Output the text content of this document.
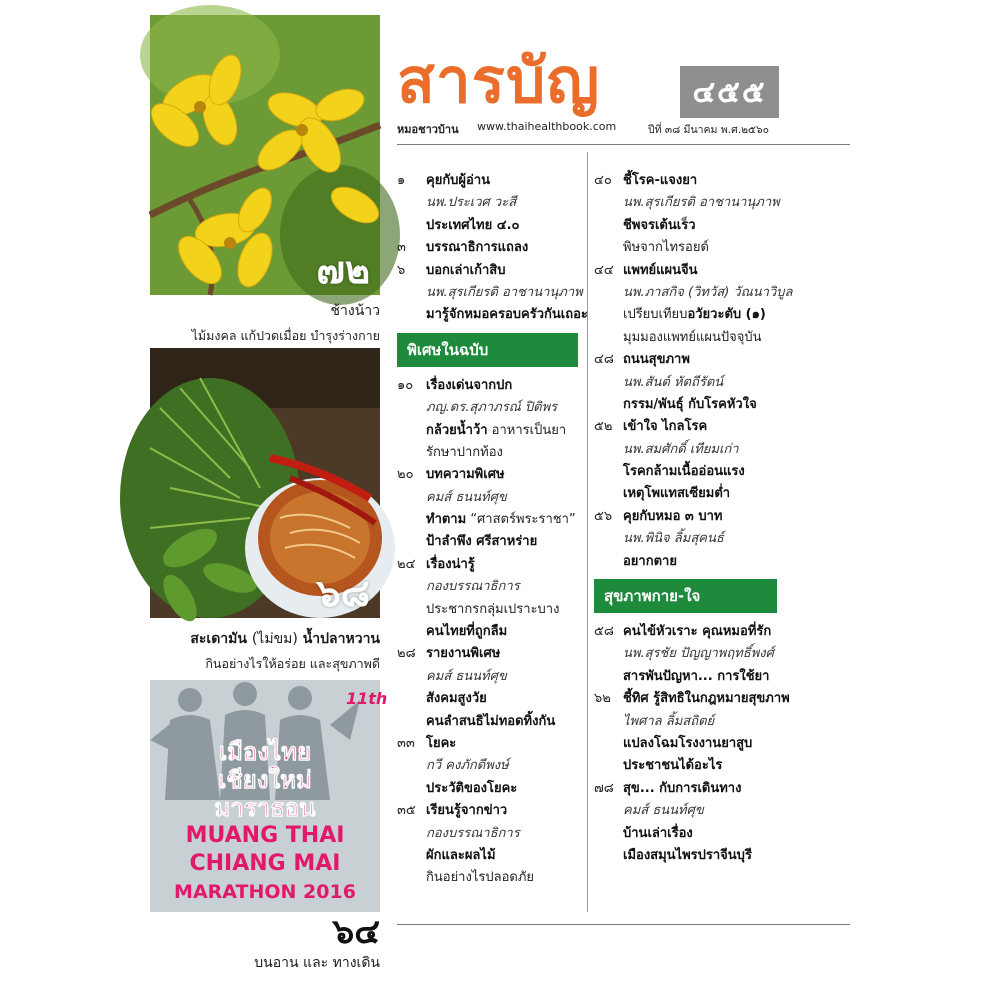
๗๒
ช้างน้าว
ไม้มงคล แก้ปวดเมื่อย บำรุงร่างกาย
๖๘
สะเดามัน (ไม่ขม) น้ำปลาหวาน
กินอย่างไรให้อร่อย และสุขภาพดี
11th
เมืองไทย
เชียงใหม่
มาราธอน
MUANG THAI
CHIANG MAI
MARATHON 2016
๖๔
บนอาน และ ทางเดิน
สารบัญ
หมอชาวบ้าน www.thaihealthbook.com
๔๕๕
ปีที่ ๓๘ มีนาคม พ.ศ.๒๕๖๐
๑	คุยกับผู้อ่าน
นพ.ประเวศ วะสี
ประเทศไทย ๔.๐
๓	บรรณาธิการแถลง
๖	บอกเล่าเก้าสิบ
นพ.สุรเกียรติ อาชานานุภาพ
มารู้จักหมอครอบครัวกันเถอะ
พิเศษในฉบับ
๑๐ เรื่องเด่นจากปก
ภญ.ดร.สุภาภรณ์ ปิติพร
กล้วยน้ำว้า อาหารเป็นยา
รักษาปากท้อง
๒๐ บทความพิเศษ
คมส์ ธนนท์ศุข
ทำตาม “ศาสตร์พระราชา”
ป้าลำพึง ศรีสาหร่าย
๒๔ เรื่องน่ารู้
กองบรรณาธิการ
ประชากรกลุ่มเปราะบาง
คนไทยที่ถูกลืม
๒๘ รายงานพิเศษ
คมส์ ธนนท์ศุข
สังคมสูงวัย
คนลำสนธิไม่ทอดทิ้งกัน
๓๓ โยคะ
กวี คงภักดีพงษ์
ประวัติของโยคะ
๓๕ เรียนรู้จากข่าว
กองบรรณาธิการ
ผักและผลไม้
กินอย่างไรปลอดภัย
๔๐ ชี้โรค-แจงยา
นพ.สุรเกียรติ อาชานานุภาพ
ชีพจรเต้นเร็ว
พิษจากไทรอยด์
๔๔ แพทย์แผนจีน
นพ.ภาสกิจ (วิทวัส) วัณนาวิบูล
เปรียบเทียบอวัยวะตับ (๑)
มุมมองแพทย์แผนปัจจุบัน
๔๘ ถนนสุขภาพ
นพ.สันต์ หัตถีรัตน์
กรรม/พันธุ์ กับโรคหัวใจ
๕๒ เข้าใจ ไกลโรค
นพ.สมศักดิ์ เทียมเก่า
โรคกล้ามเนื้ออ่อนแรง
เหตุโพแทสเซียมต่ำ
๕๖ คุยกับหมอ ๓ บาท
นพ.พินิจ ลิ้มสุคนธ์
อยากตาย
สุขภาพกาย-ใจ
๕๘ คนไข้หัวเราะ คุณหมอที่รัก
นพ.สุรชัย ปัญญาพฤทธิ์พงศ์
สารพันปัญหา... การใช้ยา
๖๒ ชี้ทิศ รู้สิทธิในกฎหมายสุขภาพ
ไพศาล ลิ้มสถิตย์
แปลงโฉมโรงงานยาสูบ
ประชาชนได้อะไร
๗๘ สุข... กับการเดินทาง
คมส์ ธนนท์ศุข
บ้านเล่าเรื่อง
เมืองสมุนไพรปราจีนบุรี
